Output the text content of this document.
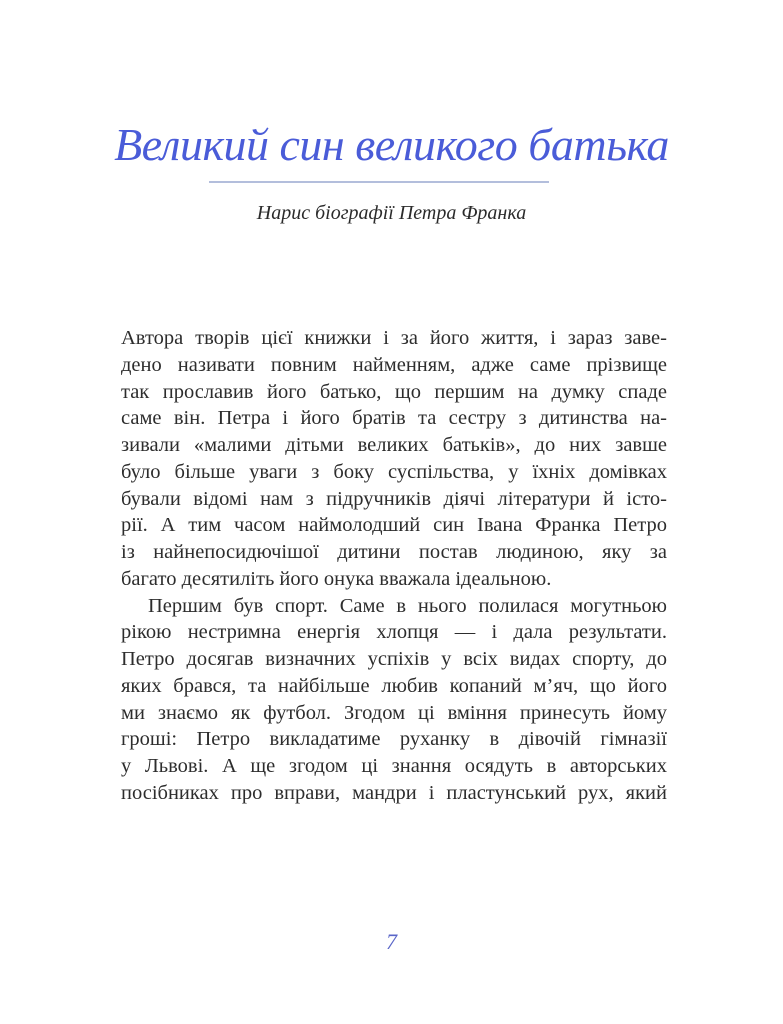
Великий син великого батька
Нарис біографії Петра Франка
Автора творів цієї книжки і за його життя, і зараз заве-
дено називати повним найменням, адже саме прізвище
так прославив його батько, що першим на думку спаде
саме він. Петра і його братів та сестру з дитинства на-
зивали «малими дітьми великих батьків», до них завше
було більше уваги з боку суспільства, у їхніх домівках
бували відомі нам з підручників діячі літератури й істо-
рії. А тим часом наймолодший син Івана Франка Петро
із найнепосидючішої дитини постав людиною, яку за
багато десятиліть його онука вважала ідеальною.
Першим був спорт. Саме в нього полилася могутньою
рікою нестримна енергія хлопця — і дала результати.
Петро досягав визначних успіхів у всіх видах спорту, до
яких брався, та найбільше любив копаний м’яч, що його
ми знаємо як футбол. Згодом ці вміння принесуть йому
гроші: Петро викладатиме руханку в дівочій гімназії
у Львові. А ще згодом ці знання осядуть в авторських
посібниках про вправи, мандри і пластунський рух, який
7
